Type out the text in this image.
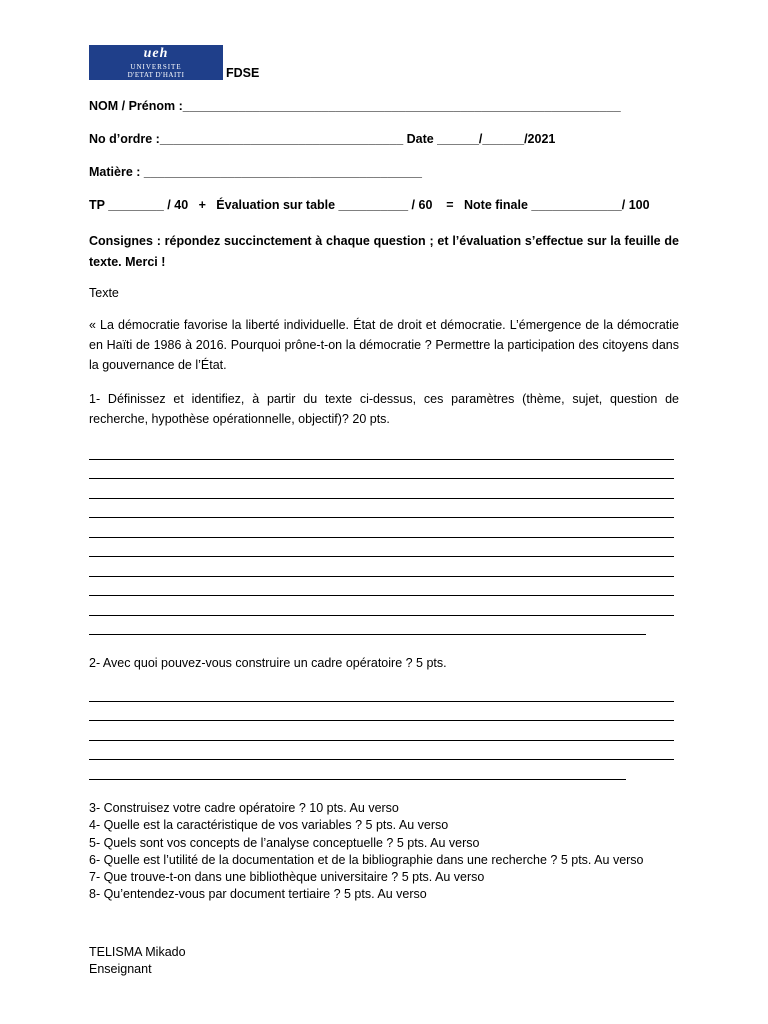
ueh
UNIVERSITE
D'ETAT D'HAITI	FDSE
NOM / Prénom :_______________________________________________________________
No d’ordre :___________________________________ Date ______/______/2021
Matière : ________________________________________
TP ________ / 40   +   Évaluation sur table __________ / 60    =   Note finale _____________/ 100
Consignes : répondez succinctement à chaque question ; et l’évaluation s’effectue sur la feuille de texte. Merci !
Texte
« La démocratie favorise la liberté individuelle. État de droit et démocratie. L’émergence de la démocratie en Haïti de 1986 à 2016. Pourquoi prône-t-on la démocratie ? Permettre la participation des citoyens dans la gouvernance de l’État.
1- Définissez et identifiez, à partir du texte ci-dessus, ces paramètres (thème, sujet, question de recherche, hypothèse opérationnelle, objectif)? 20 pts.
2- Avec quoi pouvez-vous construire un cadre opératoire ? 5 pts.
3- Construisez votre cadre opératoire ? 10 pts. Au verso
4- Quelle est la caractéristique de vos variables ? 5 pts. Au verso
5- Quels sont vos concepts de l’analyse conceptuelle ? 5 pts. Au verso
6- Quelle est l’utilité de la documentation et de la bibliographie dans une recherche ? 5 pts. Au verso
7- Que trouve-t-on dans une bibliothèque universitaire ? 5 pts. Au verso
8- Qu’entendez-vous par document tertiaire ? 5 pts. Au verso
TELISMA Mikado
Enseignant
